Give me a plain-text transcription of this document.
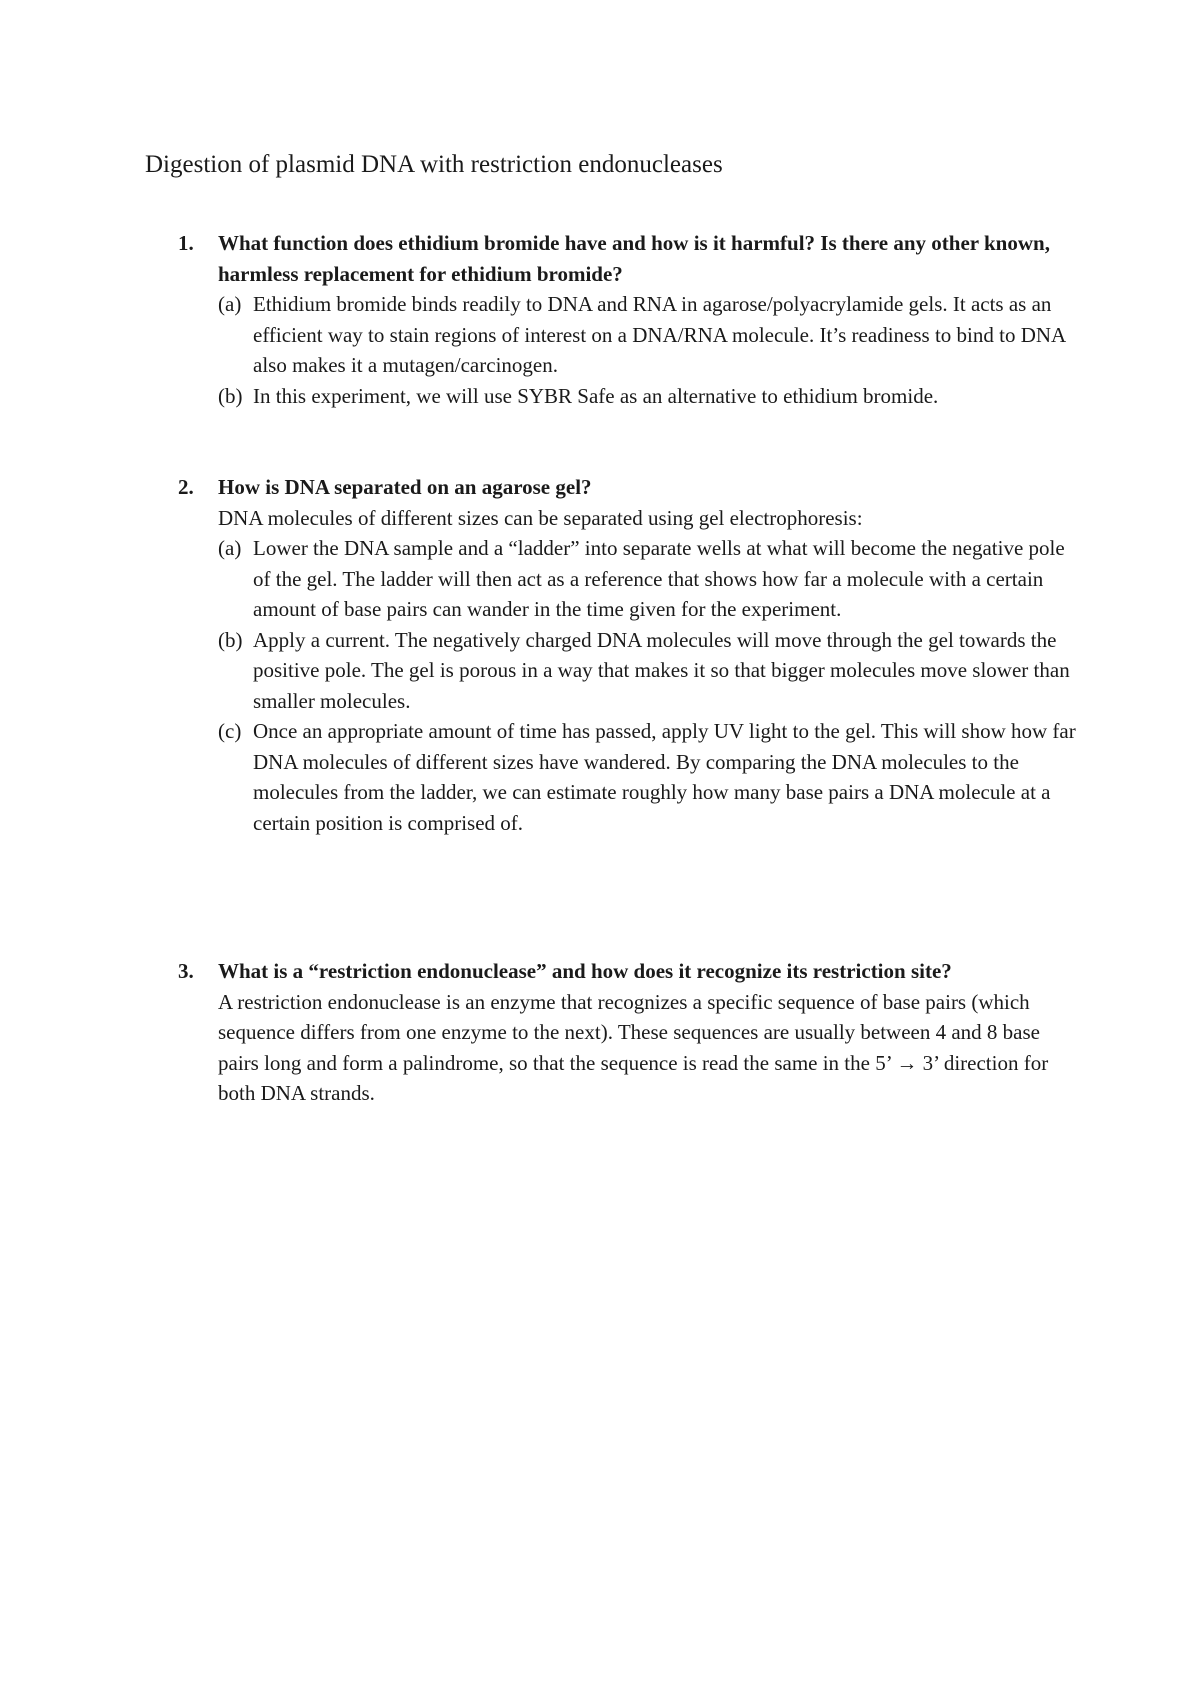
Digestion of plasmid DNA with restriction endonucleases
1. What function does ethidium bromide have and how is it harmful? Is there any other known, harmless replacement for ethidium bromide?

(a) Ethidium bromide binds readily to DNA and RNA in agarose/polyacrylamide gels. It acts as an efficient way to stain regions of interest on a DNA/RNA molecule. It’s readiness to bind to DNA also makes it a mutagen/carcinogen.
(b) In this experiment, we will use SYBR Safe as an alternative to ethidium bromide.
2. How is DNA separated on an agarose gel?

DNA molecules of different sizes can be separated using gel electrophoresis:

(a) Lower the DNA sample and a “ladder” into separate wells at what will become the negative pole of the gel. The ladder will then act as a reference that shows how far a molecule with a certain amount of base pairs can wander in the time given for the experiment.
(b) Apply a current. The negatively charged DNA molecules will move through the gel towards the positive pole. The gel is porous in a way that makes it so that bigger molecules move slower than smaller molecules.
(c) Once an appropriate amount of time has passed, apply UV light to the gel. This will show how far DNA molecules of different sizes have wandered. By comparing the DNA molecules to the molecules from the ladder, we can estimate roughly how many base pairs a DNA molecule at a certain position is comprised of.
3. What is a “restriction endonuclease” and how does it recognize its restriction site?

A restriction endonuclease is an enzyme that recognizes a specific sequence of base pairs (which sequence differs from one enzyme to the next). These sequences are usually between 4 and 8 base pairs long and form a palindrome, so that the sequence is read the same in the 5’ → 3’ direction for both DNA strands.
